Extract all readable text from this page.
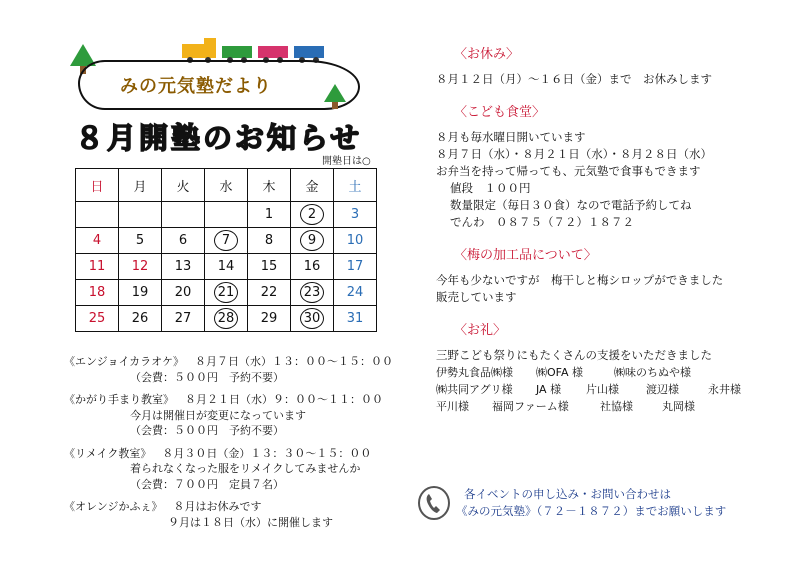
みの元気塾だより
８月開塾のお知らせ
開塾日は○
日	月	火	水	木	金	土
				1	2	3
4	5	6	7	8	9	10
11	12	13	14	15	16	17
18	19	20	21	22	23	24
25	26	27	28	29	30	31
《エンジョイカラオケ》　 ８月７日（水）１３：００～１５：００
（会費：５００円　予約不要）
《かがり手まり教室》　 ８月２１日（水）９：００～１１：００
今月は開催日が変更になっています
（会費：５００円　予約不要）
《リメイク教室》　 ８月３０日（金）１３：３０～１５：００
着られなくなった服をリメイクしてみませんか
（会費：７００円　定員７名）
《オレンジかふぇ》　 ８月はお休みです
９月は１８日（水）に開催します
〈お休み〉
８月１２日（月）～１６日（金）まで　お休みします
〈こども食堂〉
８月も毎水曜日開いています
８月７日（水）・８月２１日（水）・８月２８日（水）
お弁当を持って帰っても、元気塾で食事もできます
値段　１００円
数量限定（毎日３０食）なので電話予約してね
でんわ　０８７５（７２）１８７２
〈梅の加工品について〉
今年も少ないですが　梅干しと梅シロップができました
販売しています
〈お礼〉
三野こども祭りにもたくさんの支援をいただきました
伊勢丸食品㈱様	㈱OFA 様	㈱味のちぬや様
㈱共同アグリ様	JA 様	片山様	渡辺様	永井様
平川様	福岡ファーム様	社協様	丸岡様
各イベントの申し込み・お問い合わせは
《みの元気塾》（７２－１８７２）までお願いします
